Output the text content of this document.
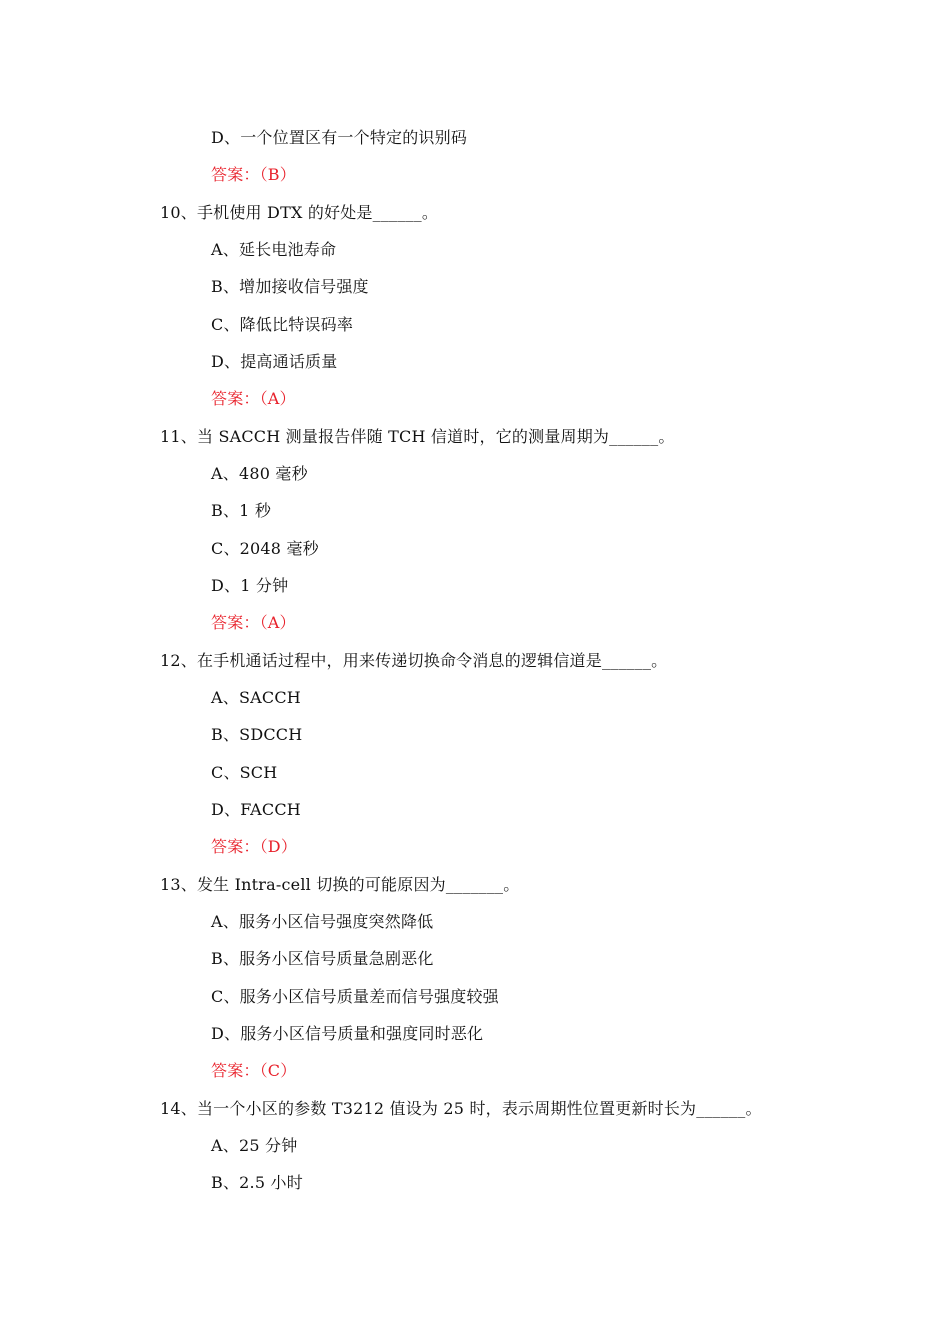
D、一个位置区有一个特定的识别码
答案：（B）
10、手机使用 DTX 的好处是______。
A、延长电池寿命
B、增加接收信号强度
C、降低比特误码率
D、提高通话质量
答案：（A）
11、当 SACCH 测量报告伴随 TCH 信道时，它的测量周期为______。
A、480 毫秒
B、1 秒
C、2048 毫秒
D、1 分钟
答案：（A）
12、在手机通话过程中，用来传递切换命令消息的逻辑信道是______。
A、SACCH
B、SDCCH
C、SCH
D、FACCH
答案：（D）
13、发生 Intra-cell 切换的可能原因为_______。
A、服务小区信号强度突然降低
B、服务小区信号质量急剧恶化
C、服务小区信号质量差而信号强度较强
D、服务小区信号质量和强度同时恶化
答案：（C）
14、当一个小区的参数 T3212 值设为 25 时，表示周期性位置更新时长为______。
A、25 分钟
B、2.5 小时
